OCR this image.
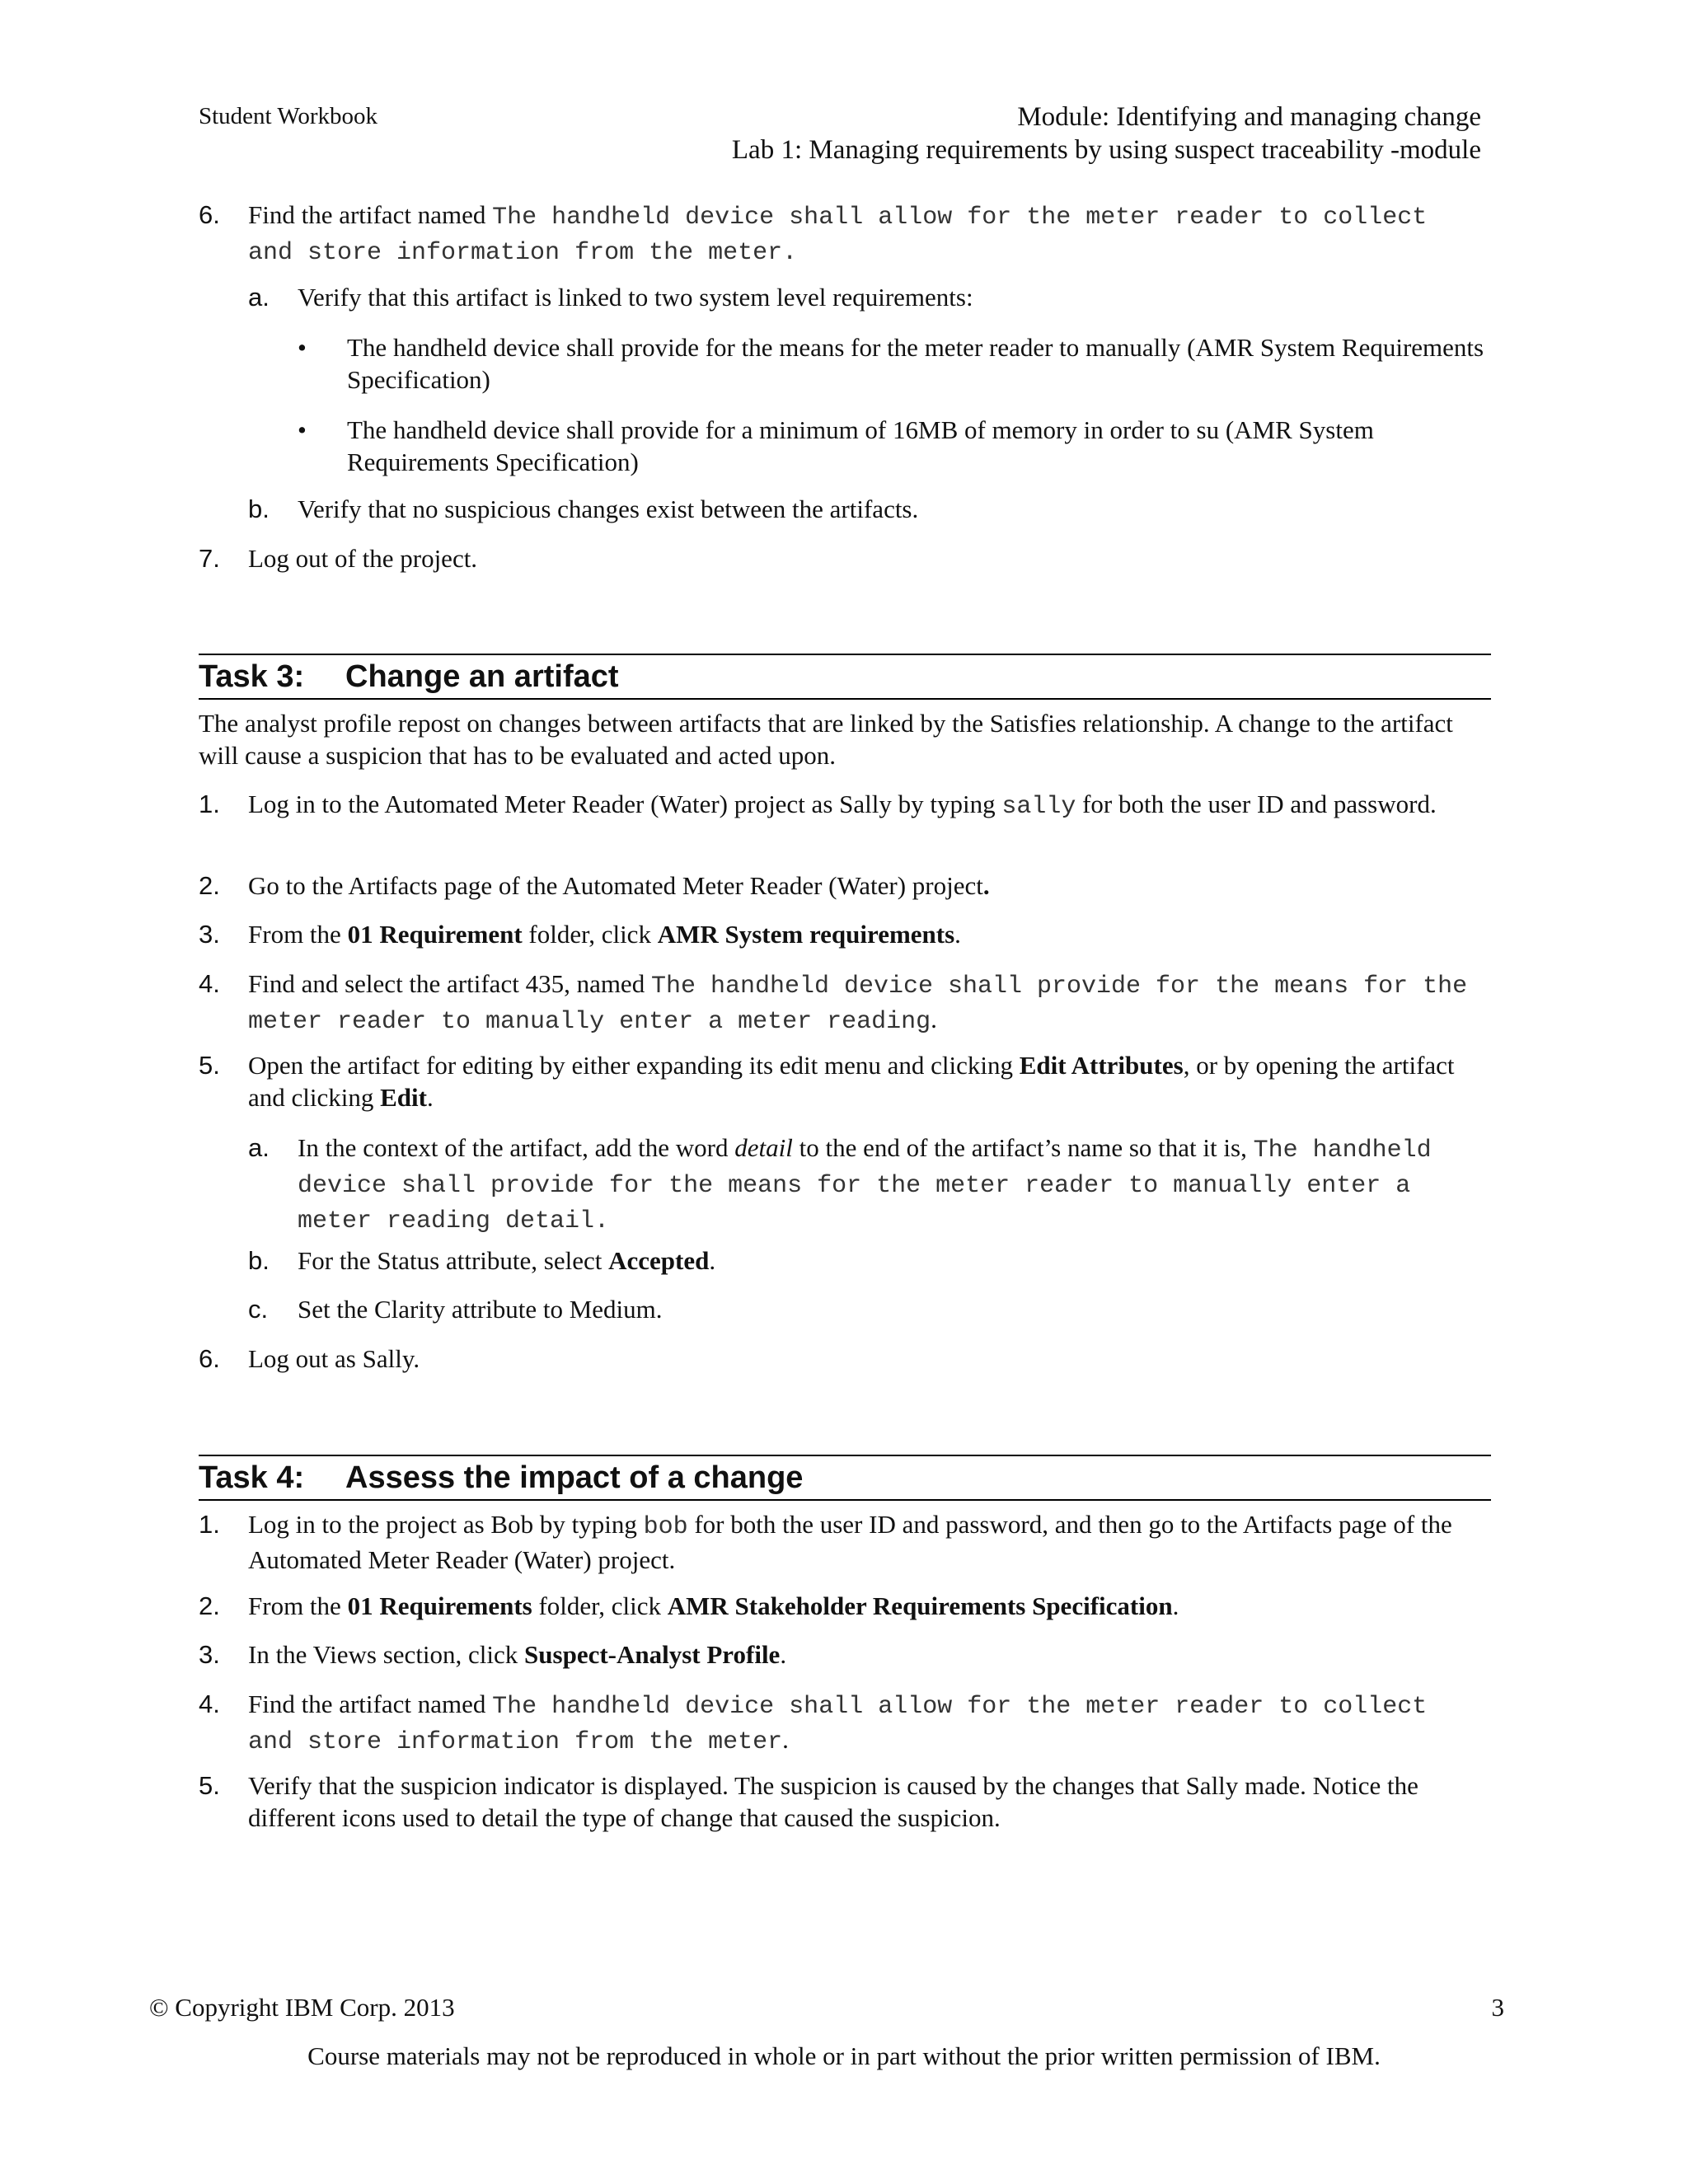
Student Workbook	Module: Identifying and managing change
Lab 1: Managing requirements by using suspect traceability -module
6. Find the artifact named The handheld device shall allow for the meter reader to collect and store information from the meter.
a. Verify that this artifact is linked to two system level requirements:
• The handheld device shall provide for the means for the meter reader to manually (AMR System Requirements Specification)
• The handheld device shall provide for a minimum of 16MB of memory in order to su (AMR System Requirements Specification)
b. Verify that no suspicious changes exist between the artifacts.
7. Log out of the project.
Task 3: Change an artifact
The analyst profile repost on changes between artifacts that are linked by the Satisfies relationship. A change to the artifact will cause a suspicion that has to be evaluated and acted upon.
1. Log in to the Automated Meter Reader (Water) project as Sally by typing sally for both the user ID and password.
2. Go to the Artifacts page of the Automated Meter Reader (Water) project.
3. From the 01 Requirement folder, click AMR System requirements.
4. Find and select the artifact 435, named The handheld device shall provide for the means for the meter reader to manually enter a meter reading.
5. Open the artifact for editing by either expanding its edit menu and clicking Edit Attributes, or by opening the artifact and clicking Edit.
a. In the context of the artifact, add the word detail to the end of the artifact’s name so that it is, The handheld device shall provide for the means for the meter reader to manually enter a meter reading detail.
b. For the Status attribute, select Accepted.
c. Set the Clarity attribute to Medium.
6. Log out as Sally.
Task 4: Assess the impact of a change
1. Log in to the project as Bob by typing bob for both the user ID and password, and then go to the Artifacts page of the Automated Meter Reader (Water) project.
2. From the 01 Requirements folder, click AMR Stakeholder Requirements Specification.
3. In the Views section, click Suspect-Analyst Profile.
4. Find the artifact named The handheld device shall allow for the meter reader to collect and store information from the meter.
5. Verify that the suspicion indicator is displayed. The suspicion is caused by the changes that Sally made. Notice the different icons used to detail the type of change that caused the suspicion.
© Copyright IBM Corp. 2013	3
Course materials may not be reproduced in whole or in part without the prior written permission of IBM.
